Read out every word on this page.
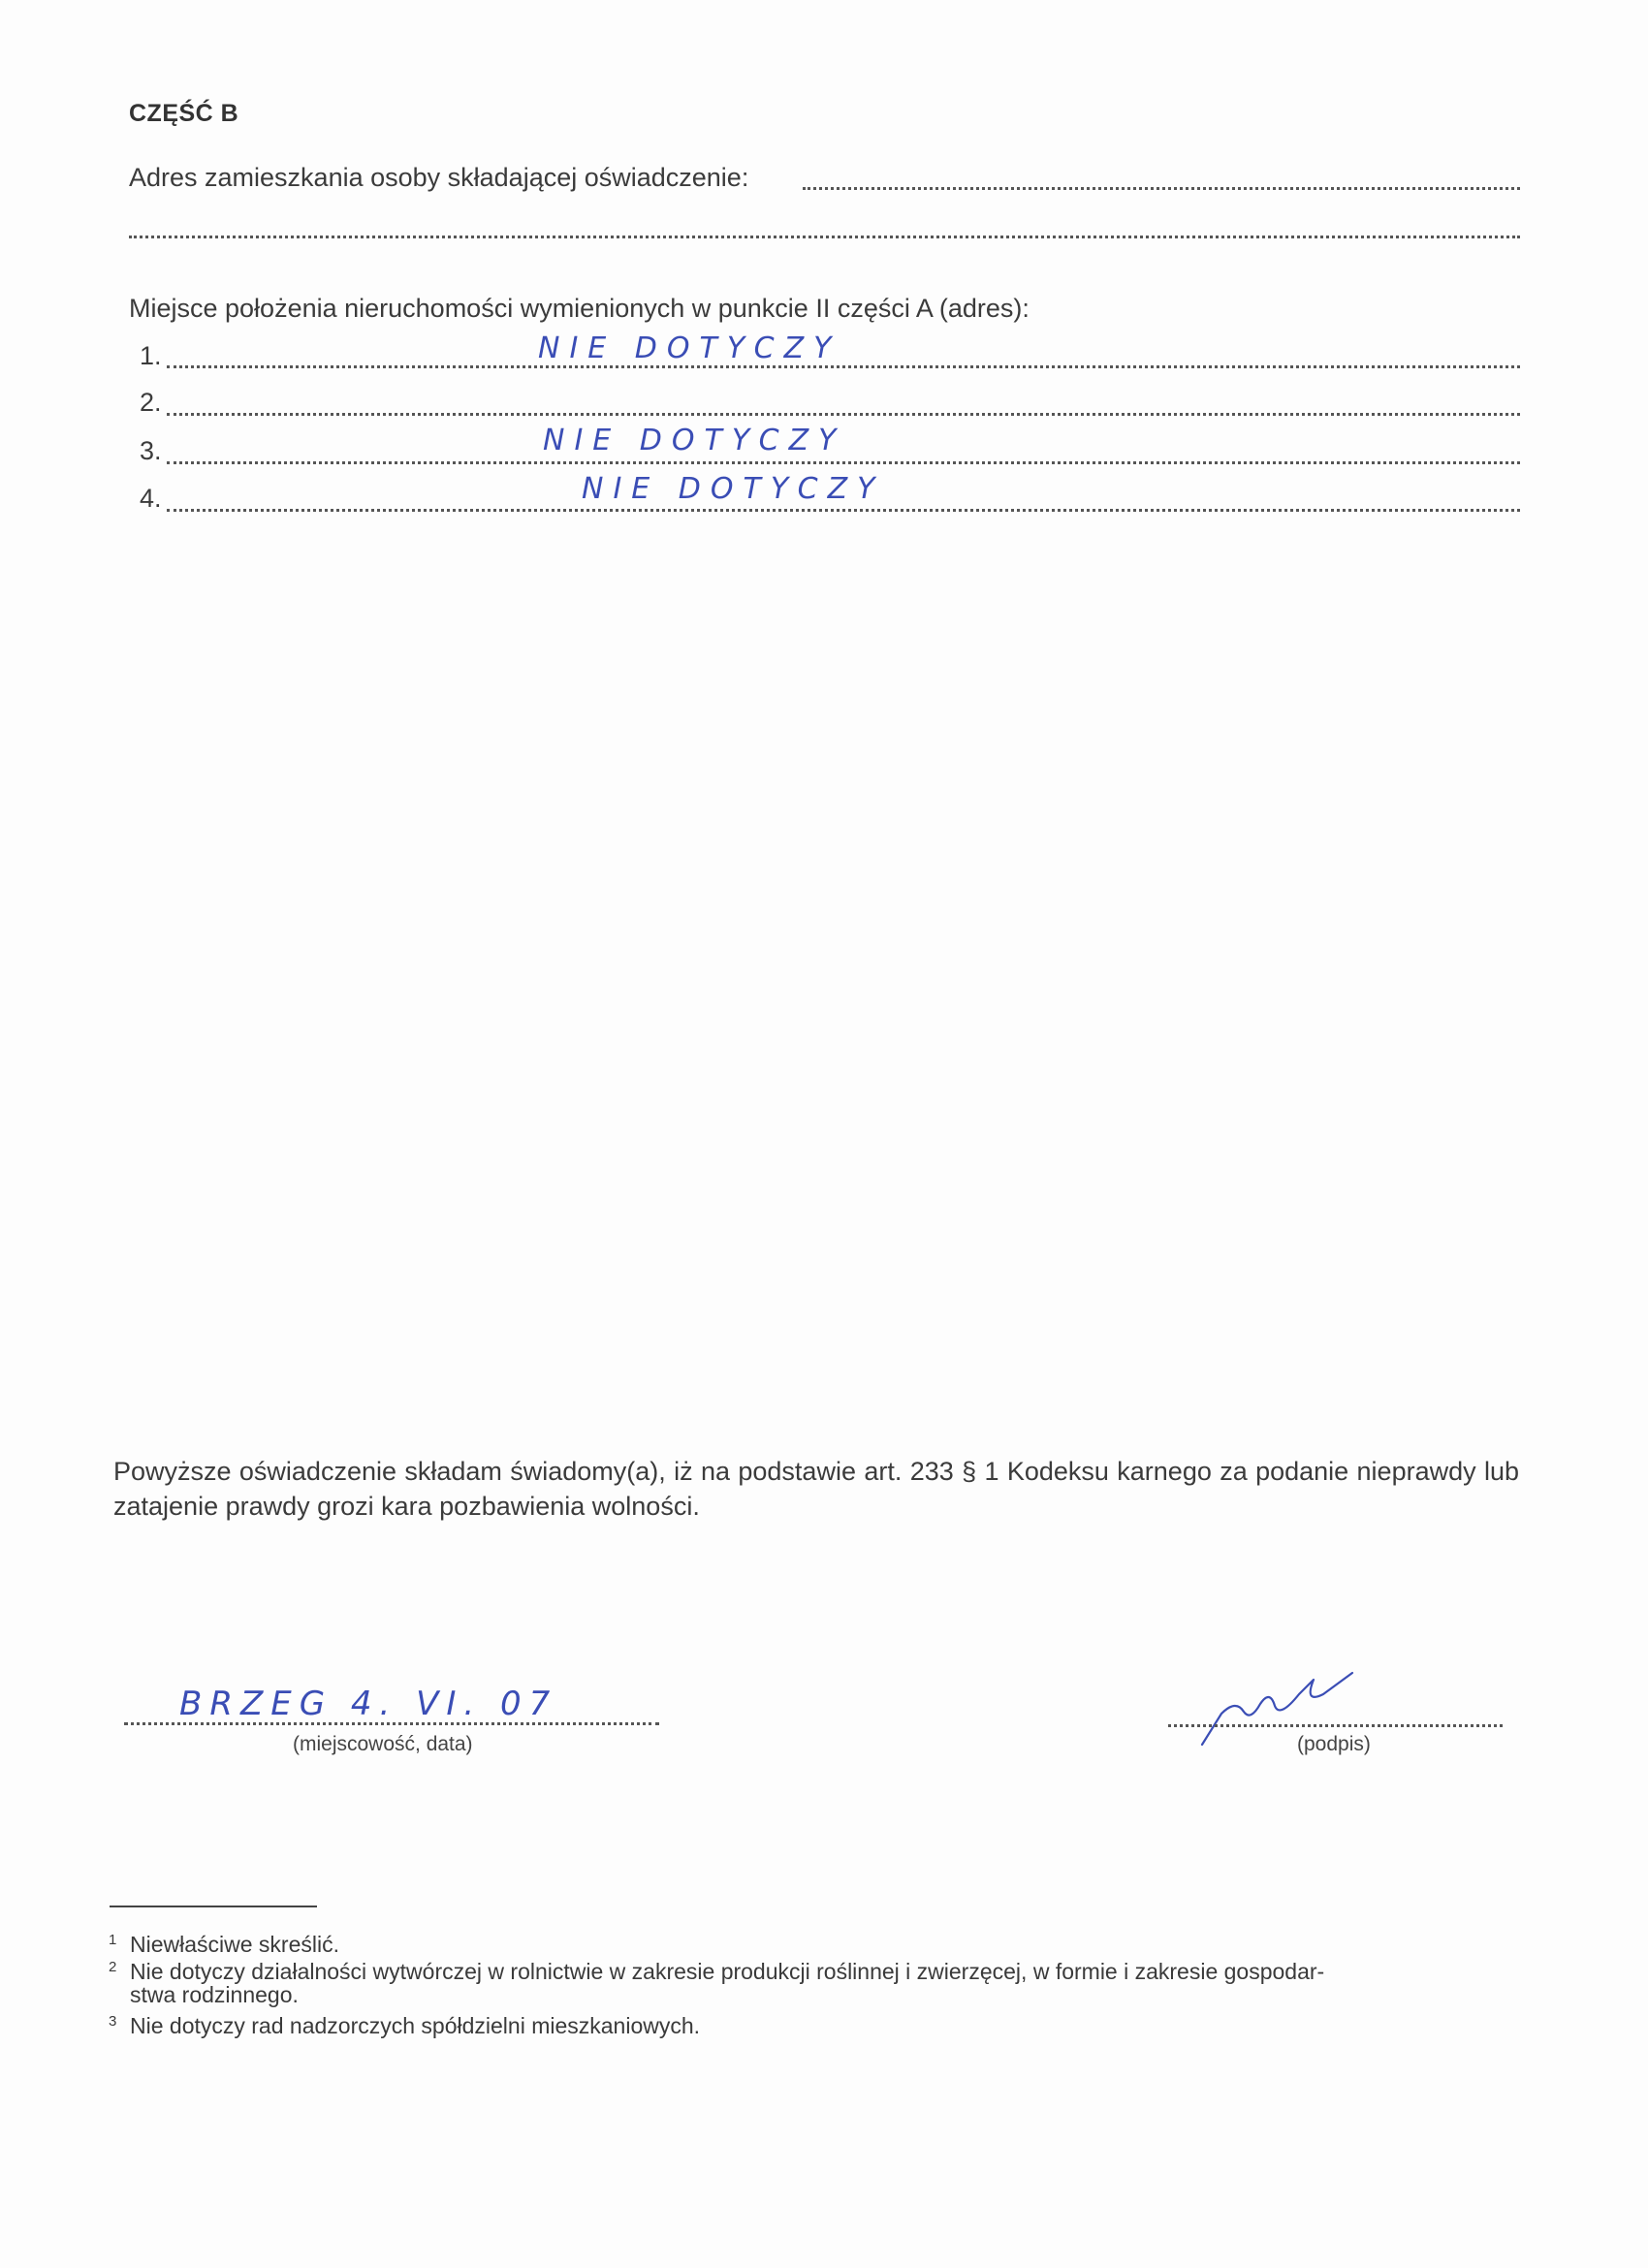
CZĘŚĆ B
Adres zamieszkania osoby składającej oświadczenie:
Miejsce położenia nieruchomości wymienionych w punkcie II części A (adres):
1.	NIE DOTYCZY
2.
3.	NIE DOTYCZY
4.	NIE DOTYCZY
Powyższe oświadczenie składam świadomy(a), iż na podstawie art. 233 § 1 Kodeksu karnego za podanie nieprawdy lub zatajenie prawdy grozi kara pozbawienia wolności.
BRZEG 4. VI. 07
(miejscowość, data)	(podpis)
$^1$ Niewłaściwe skreślić.
$^2$ Nie dotyczy działalności wytwórczej w rolnictwie w zakresie produkcji roślinnej i zwierzęcej, w formie i zakresie gospodar-
stwa rodzinnego.
$^3$ Nie dotyczy rad nadzorczych spółdzielni mieszkaniowych.
